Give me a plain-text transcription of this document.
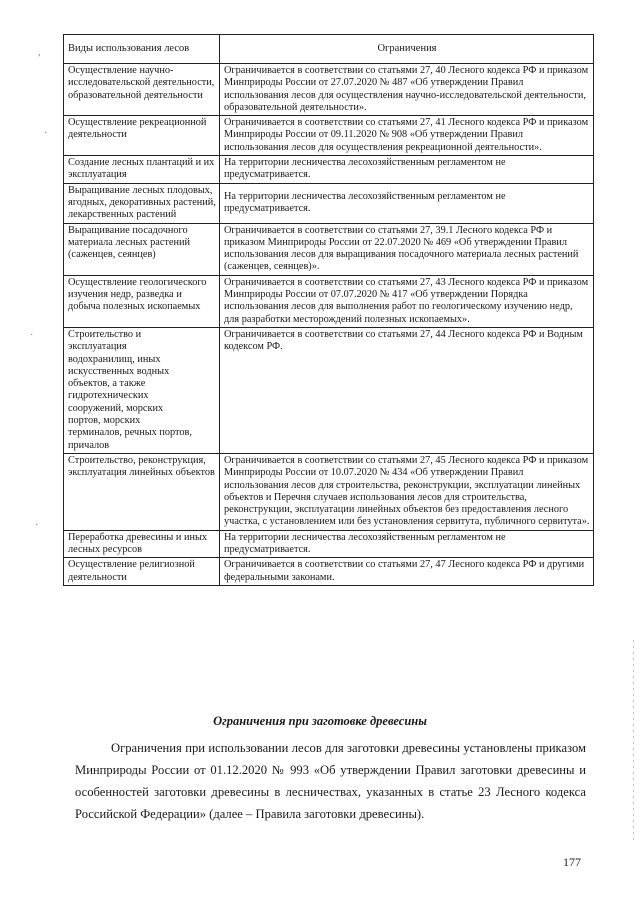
,
·
·
·
Виды использования лесов	Ограничения
Осуществление научно-исследовательской деятельности, образовательной деятельности	Ограничивается в соответствии со статьями 27, 40 Лесного кодекса РФ и приказом Минприроды России от 27.07.2020 № 487 «Об утверждении Правил использования лесов для осуществления научно-исследовательской деятельности, образовательной деятельности».
Осуществление рекреационной деятельности	Ограничивается в соответствии со статьями 27, 41 Лесного кодекса РФ и приказом Минприроды России от 09.11.2020 № 908 «Об утверждении Правил использования лесов для осуществления рекреационной деятельности».
Создание лесных плантаций и их эксплуатация	На территории лесничества лесохозяйственным регламентом не предусматривается.
Выращивание лесных плодовых, ягодных, декоративных растений, лекарственных растений	На территории лесничества лесохозяйственным регламентом не предусматривается.
Выращивание посадочного материала лесных растений (саженцев, сеянцев)	Ограничивается в соответствии со статьями 27, 39.1 Лесного кодекса РФ и приказом Минприроды России от 22.07.2020 № 469 «Об утверждении Правил использования лесов для выращивания посадочного материала лесных растений (саженцев, сеянцев)».
Осуществление геологического изучения недр, разведка и добыча полезных ископаемых	Ограничивается в соответствии со статьями 27, 43 Лесного кодекса РФ и приказом Минприроды России от 07.07.2020 № 417 «Об утверждении Порядка использования лесов для выполнения работ по геологическому изучению недр, для разработки месторождений полезных ископаемых».
Строительство и эксплуатация водохранилищ, иных искусственных водных объектов, а также гидротехнических сооружений, морских портов, морских терминалов, речных портов, причалов	Ограничивается в соответствии со статьями 27, 44 Лесного кодекса РФ и Водным кодексом РФ.
Строительство, реконструкция, эксплуатация линейных объектов	Ограничивается в соответствии со статьями 27, 45 Лесного кодекса РФ и приказом Минприроды России от 10.07.2020 № 434 «Об утверждении Правил использования лесов для строительства, реконструкции, эксплуатации линейных объектов и Перечня случаев использования лесов для строительства, реконструкции, эксплуатации линейных объектов без предоставления лесного участка, с установлением или без установления сервитута, публичного сервитута».
Переработка древесины и иных лесных ресурсов	На территории лесничества лесохозяйственным регламентом не предусматривается.
Осуществление религиозной деятельности	Ограничивается в соответствии со статьями 27, 47 Лесного кодекса РФ и другими федеральными законами.
Ограничения при заготовке древесины
Ограничения при использовании лесов для заготовки древесины установлены приказом Минприроды России от 01.12.2020 № 993 «Об утверждении Правил заготовки древесины и особенностей заготовки древесины в лесничествах, указанных в статье 23 Лесного кодекса Российской Федерации» (далее – Правила заготовки древесины).
177
